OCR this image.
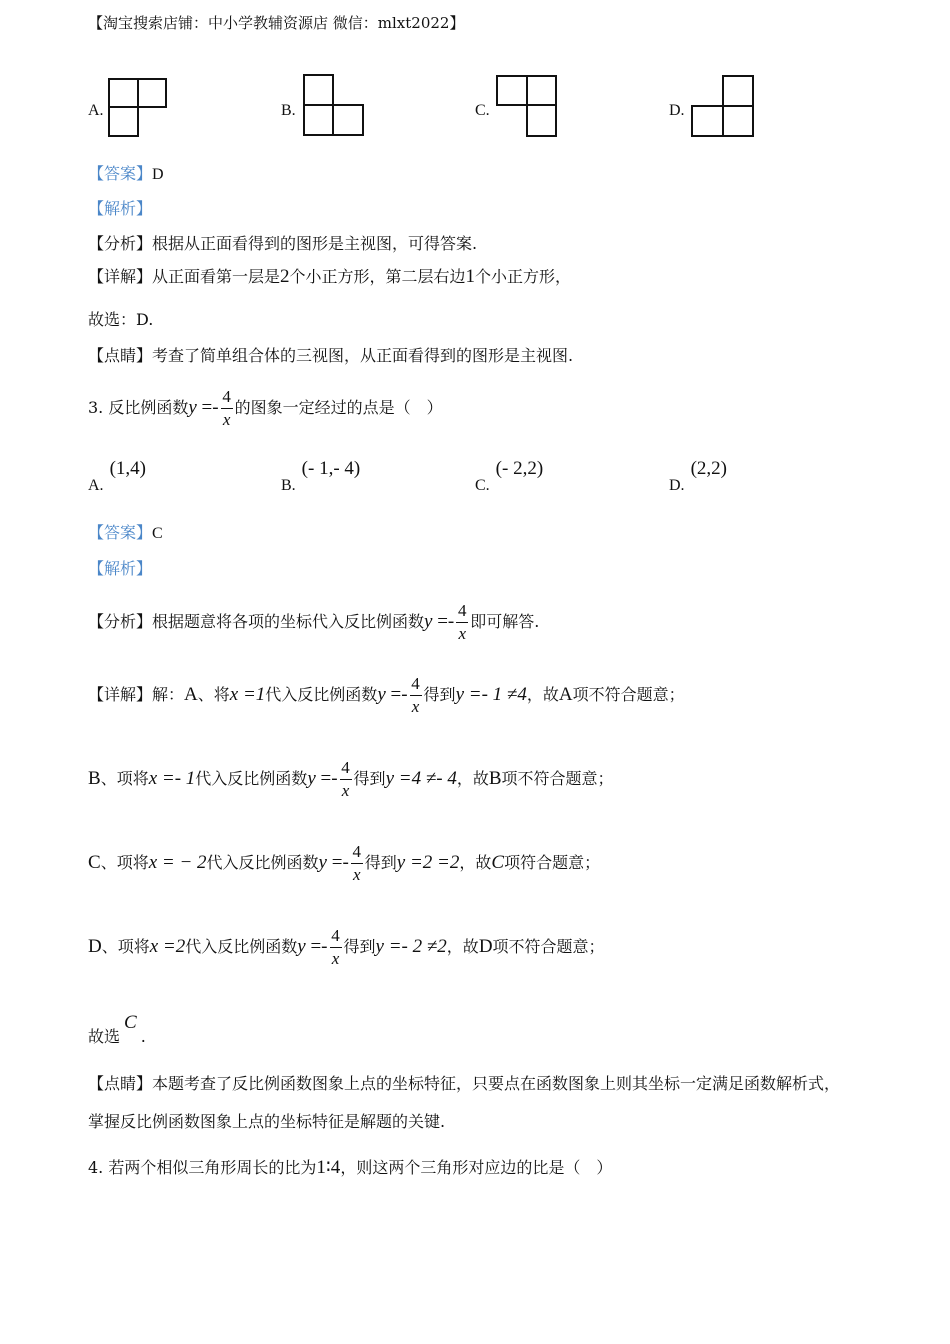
【淘宝搜索店铺：中小学教辅资源店 微信：mlxt2022】
A.	B.	C.	D.
【答案】D
【解析】
【分析】根据从正面看得到的图形是主视图，可得答案.
【详解】从正面看第一层是2个小正方形，第二层右边1个小正方形，
故选：D.
【点睛】考查了简单组合体的三视图，从正面看得到的图形是主视图.
3. 反比例函数$y =- \frac{4}{x}$ 的图象一定经过的点是（　）
A.(1,4)
B.(- 1,- 4)
C.(- 2,2)
D.(2,2)
【答案】C
【解析】
【分析】根据题意将各项的坐标代入反比例函数$y =- \frac{4}{x}$ 即可解答.
【详解】解：A、将x =1代入反比例函数$y =- \frac{4}{x}$ 得到y =- 1 ≠4，故A项不符合题意；
B、项将x =- 1代入反比例函数$y =- \frac{4}{x}$ 得到y =4 ≠- 4，故B项不符合题意；
C、项将x = − 2代入反比例函数$y =- \frac{4}{x}$ 得到y =2 =2，故C项符合题意；
D、项将x =2代入反比例函数$y =- \frac{4}{x}$ 得到y =- 2 ≠2，故D项不符合题意；
故选C.
【点睛】本题考查了反比例函数图象上点的坐标特征，只要点在函数图象上则其坐标一定满足函数解析式，
掌握反比例函数图象上点的坐标特征是解题的关键.
4. 若两个相似三角形周长的比为1∶4，则这两个三角形对应边的比是（　）
